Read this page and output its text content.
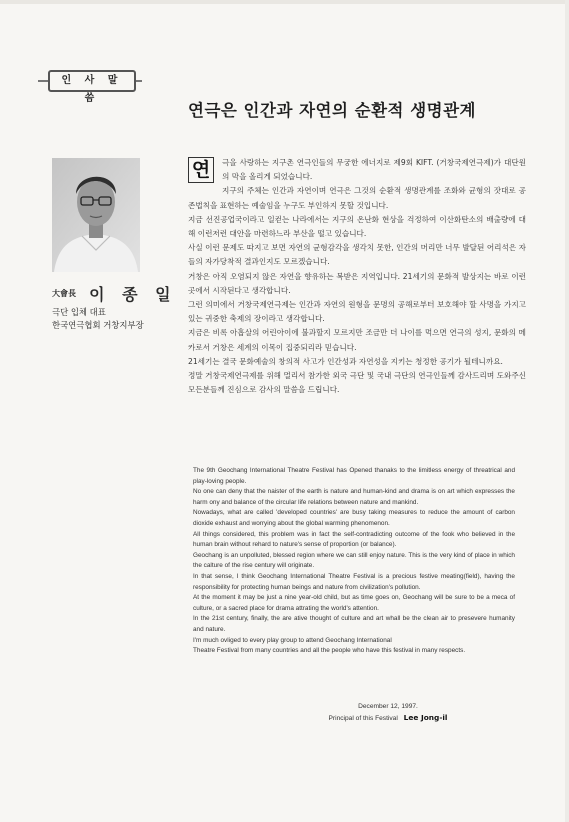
인 사 말 씀
연극은 인간과 자연의 순환적 생명관계
大會長 이 종 일
극단 입체 대표
한국연극협회 거창지부장
연	극을 사랑하는 지구촌 연극인들의 무궁한 에너지로 제9회 KIFT. (거창국제연극제)가 대단원의 막을 올리게 되었습니다.

지구의 주체는 인간과 자연이며 연극은 그것의 순환적 생명관계를 조화와 균형의 잣대로 공존법칙을 표현하는 예술임을 누구도 부인하지 못할 것입니다.

지금 선진공업국이라고 일컫는 나라에서는 지구의 온난화 현상을 걱정하여 이산화탄소의 배출량에 대해 이런저런 대안을 마련하느라 부산을 떨고 있습니다.

사실 이런 문제도 따지고 보면 자연의 균형감각을 생각치 못한, 인간의 머리만 너무 발달된 어리석은 자들의 자가당착적 결과인지도 모르겠습니다.

거창은 아직 오염되지 않은 자연을 향유하는 복받은 지역입니다. 21세기의 문화적 발상지는 바로 이런 곳에서 시작된다고 생각합니다.

그런 의미에서 거창국제연극제는 인간과 자연의 원형을 문명의 공해로부터 보호해야 할 사명을 가지고 있는 귀중한 축제의 장이라고 생각합니다.

지금은 비록 아홉살의 어린아이에 불과할지 모르지만 조금만 더 나이를 먹으면 연극의 성지, 문화의 메카로서 거창은 세계의 이목이 집중되리라 믿습니다.

21세기는 결국 문화예술의 창의적 사고가 인간성과 자연성을 지키는 청정한 공기가 될테니까요.

정말 거창국제연극제를 위해 멀리서 참가한 외국 극단 및 국내 극단의 연극인들께 감사드리며 도와주신 모든분들께 진심으로 감사의 말씀을 드립니다.

The 9th Geochang International Theatre Festival has Opened thanaks to the limitless energy of threatrical and play-loving people.

No one can deny that the naister of the earth is nature and human-kind and drama is on art which expresses the harm ony and balance of the circular life relations between nature and mankind.

Nowadays, what are called 'developed countries' are busy taking measures to reduce the amount of carbon dioxide exhaust and worrying about the global warming phenomenon.

All things considered, this problem was in fact the self-contradicting outcome of the fook who believed in the human brain without rehard to nature's sense of proportion (or balance).

Geochang is an unpolluted, blessed region where we can still enjoy nature. This is the very kind of place in which the calture of the rise century will originate.

In that sense, I think Geochang International Theatre Festival is a precious festive meating(field), having the responsibility for protecting human beings and nature from civilization's pollution.

At the moment it may be just a nine year-old child, but as time goes on, Geochang will be sure to be a meca of culture, or a sacred place for drama attrating the world's attention.

In the 21st century, finally, the are ative thought of culture and art whall be the clean air to presevere humanity and nature.

I'm much ovliged to every play group to attend Geochang International

Theatre Festival from many countries and all the people who have this festival in many respects.

December 12, 1997.
Principal of this Festival Lee Jong-il
